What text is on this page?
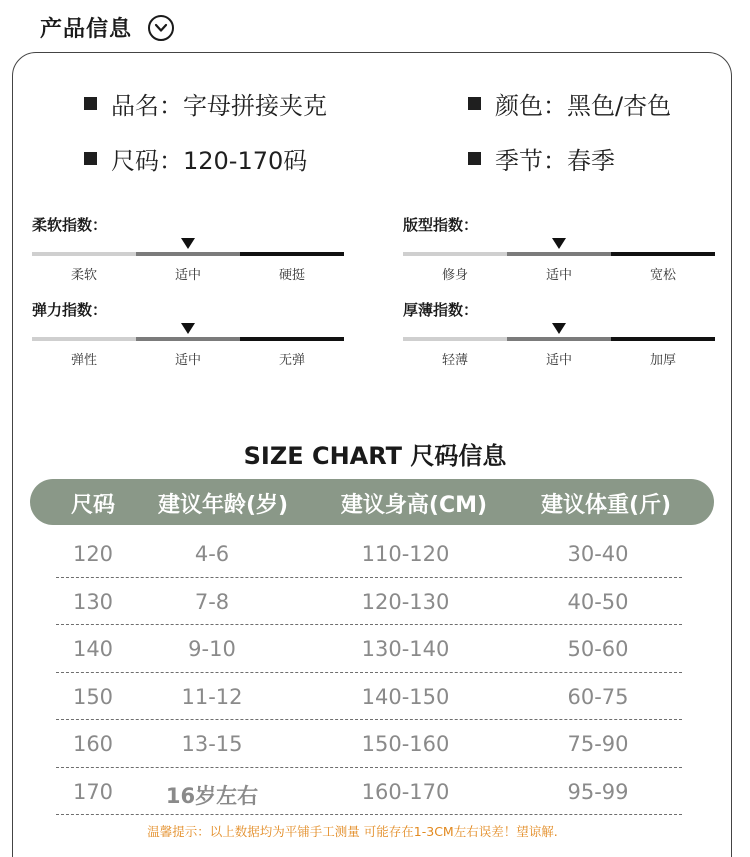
产品信息
品名： 字母拼接夹克	颜色： 黑色/杏色
尺码： 120-170码	季节： 春季
柔软指数：
柔软	适中	硬挺
版型指数：
修身	适中	宽松
弹力指数：
弹性	适中	无弹
厚薄指数：
轻薄	适中	加厚
SIZE CHART 尺码信息
尺码	建议年龄(岁)	建议身高(CM)	建议体重(斤)
120	4-6	110-120	30-40
130	7-8	120-130	40-50
140	9-10	130-140	50-60
150	11-12	140-150	60-75
160	13-15	150-160	75-90
170	16岁左右	160-170	95-99
温馨提示：以上数据均为平铺手工测量 可能存在1-3CM左右误差！望谅解.
